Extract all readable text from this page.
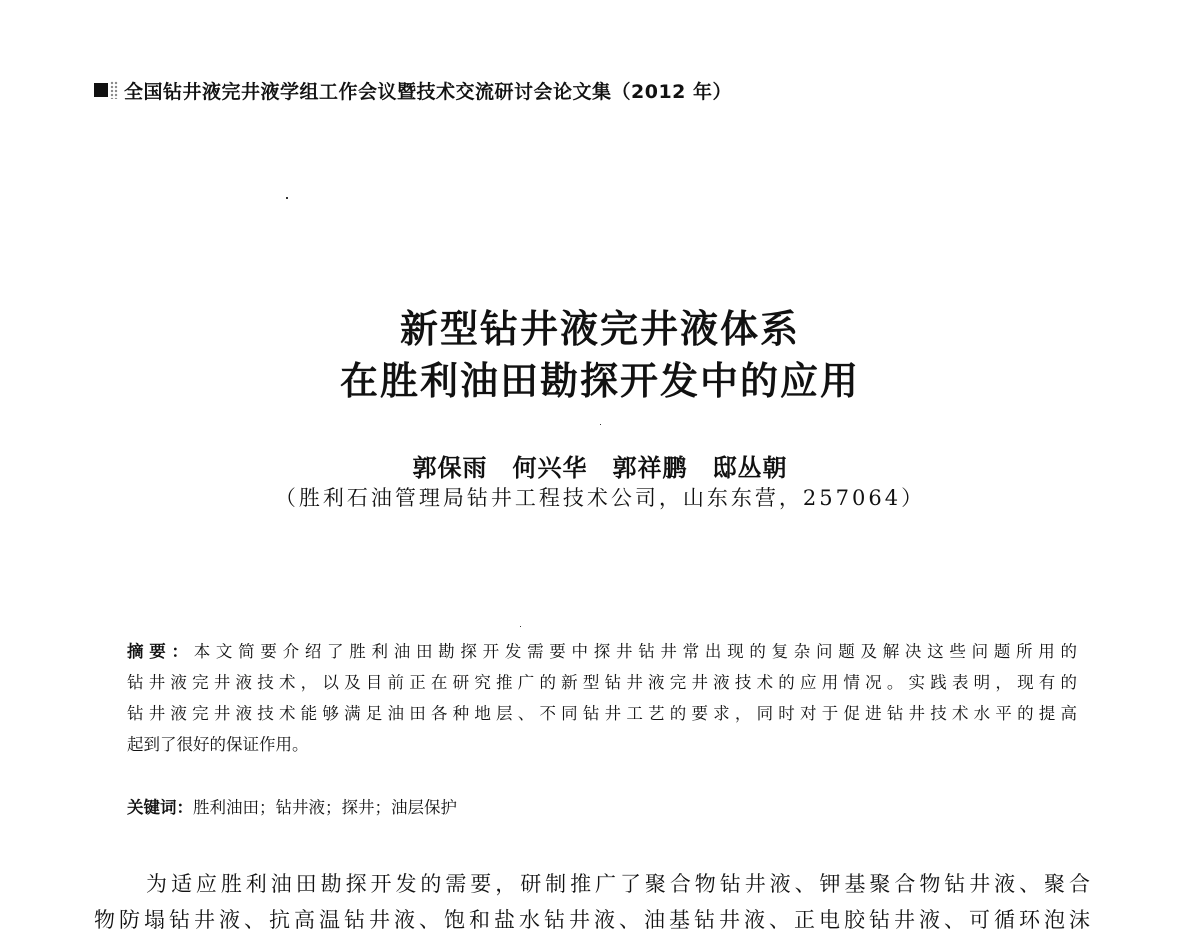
全国钻井液完井液学组工作会议暨技术交流研讨会论文集（2012 年）
新型钻井液完井液体系
在胜利油田勘探开发中的应用
郭保雨　何兴华　郭祥鹏　邸丛朝
（胜利石油管理局钻井工程技术公司，山东东营，257064）
摘要：本文简要介绍了胜利油田勘探开发需要中探井钻井常出现的复杂问题及解决这些问题所用的
钻井液完井液技术，以及目前正在研究推广的新型钻井液完井液技术的应用情况。实践表明，现有的
钻井液完井液技术能够满足油田各种地层、不同钻井工艺的要求，同时对于促进钻井技术水平的提高
起到了很好的保证作用。
关键词：胜利油田；钻井液；探井；油层保护
为适应胜利油田勘探开发的需要，研制推广了聚合物钻井液、钾基聚合物钻井液、聚合
物防塌钻井液、抗高温钻井液、饱和盐水钻井液、油基钻井液、正电胶钻井液、可循环泡沫
